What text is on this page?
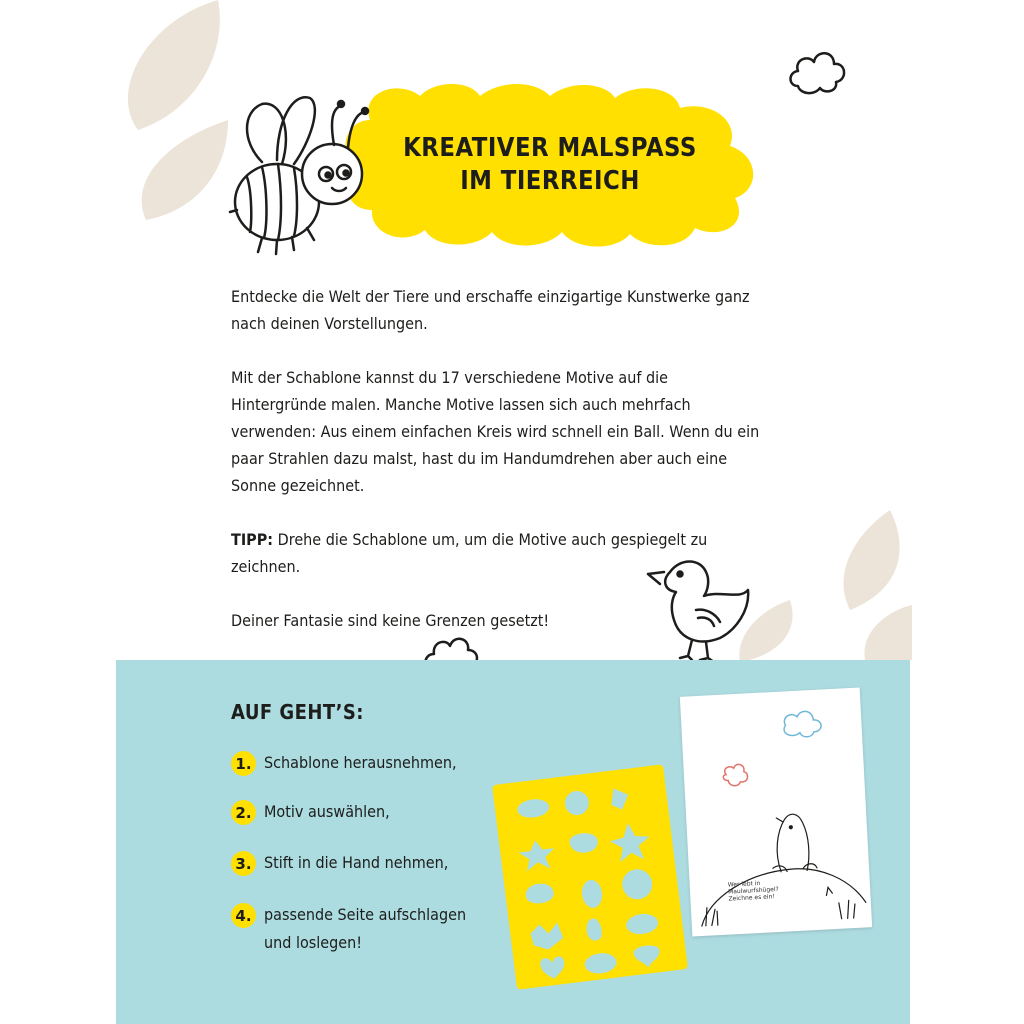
KREATIVER MALSPASS
IM TIERREICH

Entdecke die Welt der Tiere und erschaffe einzigartige Kunstwerke ganz nach deinen Vorstellungen.

Mit der Schablone kannst du 17 verschiedene Motive auf die Hintergründe malen. Manche Motive lassen sich auch mehrfach verwenden: Aus einem einfachen Kreis wird schnell ein Ball. Wenn du ein paar Strahlen dazu malst, hast du im Handumdrehen aber auch eine Sonne gezeichnet.

TIPP: Drehe die Schablone um, um die Motive auch gespiegelt zu zeichnen.

Deiner Fantasie sind keine Grenzen gesetzt!

AUF GEHT’S:
1. Schablone herausnehmen,
2. Motiv auswählen,
3. Stift in die Hand nehmen,
4. passende Seite aufschlagen
und loslegen!
Wer lebt in Maulwurfshügel? Zeichne es ein!
